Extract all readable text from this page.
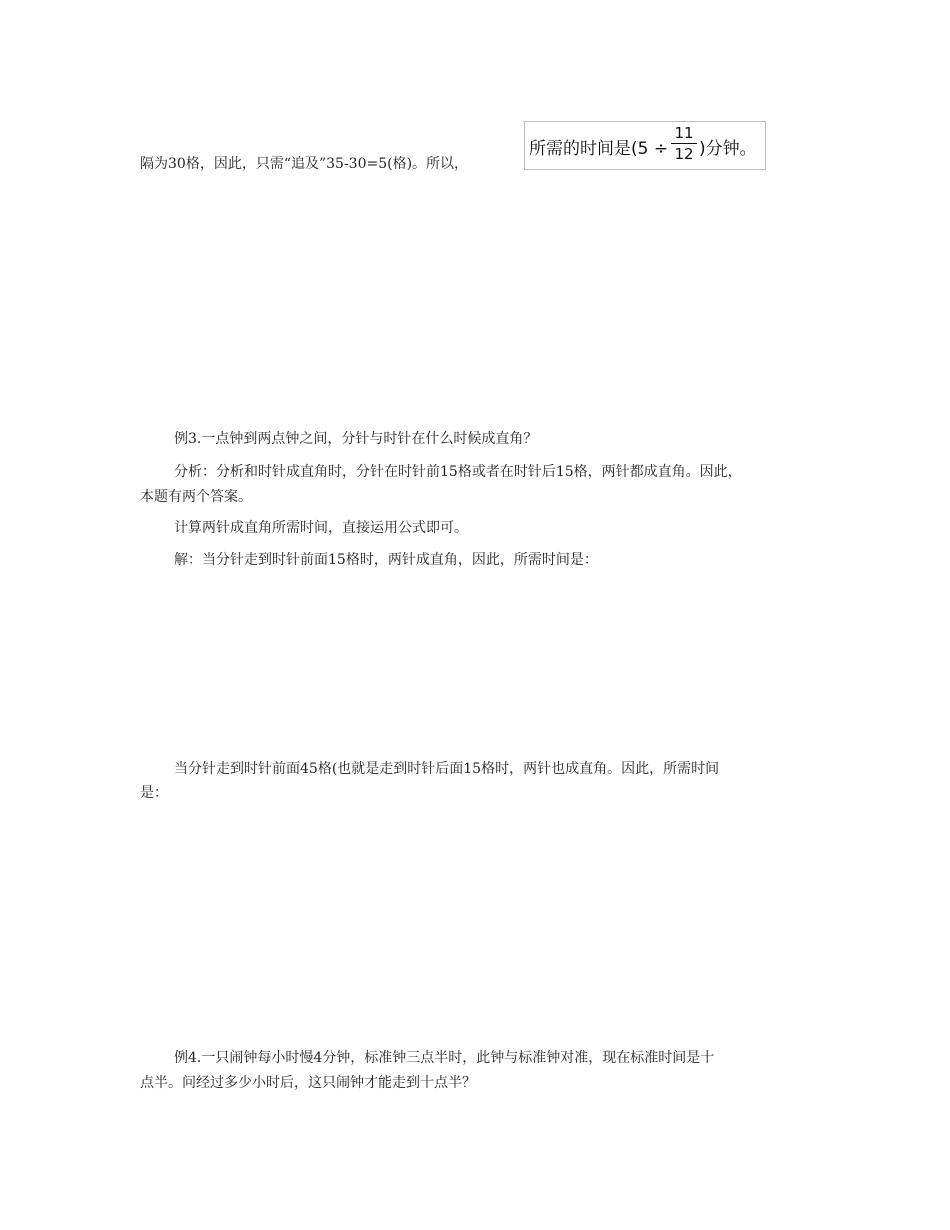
隔为30格，因此，只需“追及”35-30=5(格)。所以，
所需的时间是(5 ÷
11
12 )分钟。
例3.一点钟到两点钟之间，分针与时针在什么时候成直角？
分析：分析和时针成直角时，分针在时针前15格或者在时针后15格，两针都成直角。因此，
本题有两个答案。
计算两针成直角所需时间，直接运用公式即可。
解：当分针走到时针前面15格时，两针成直角，因此，所需时间是：
当分针走到时针前面45格(也就是走到时针后面15格时，两针也成直角。因此，所需时间
是：
例4.一只闹钟每小时慢4分钟，标准钟三点半时，此钟与标准钟对准，现在标准时间是十
点半。问经过多少小时后，这只闹钟才能走到十点半？
